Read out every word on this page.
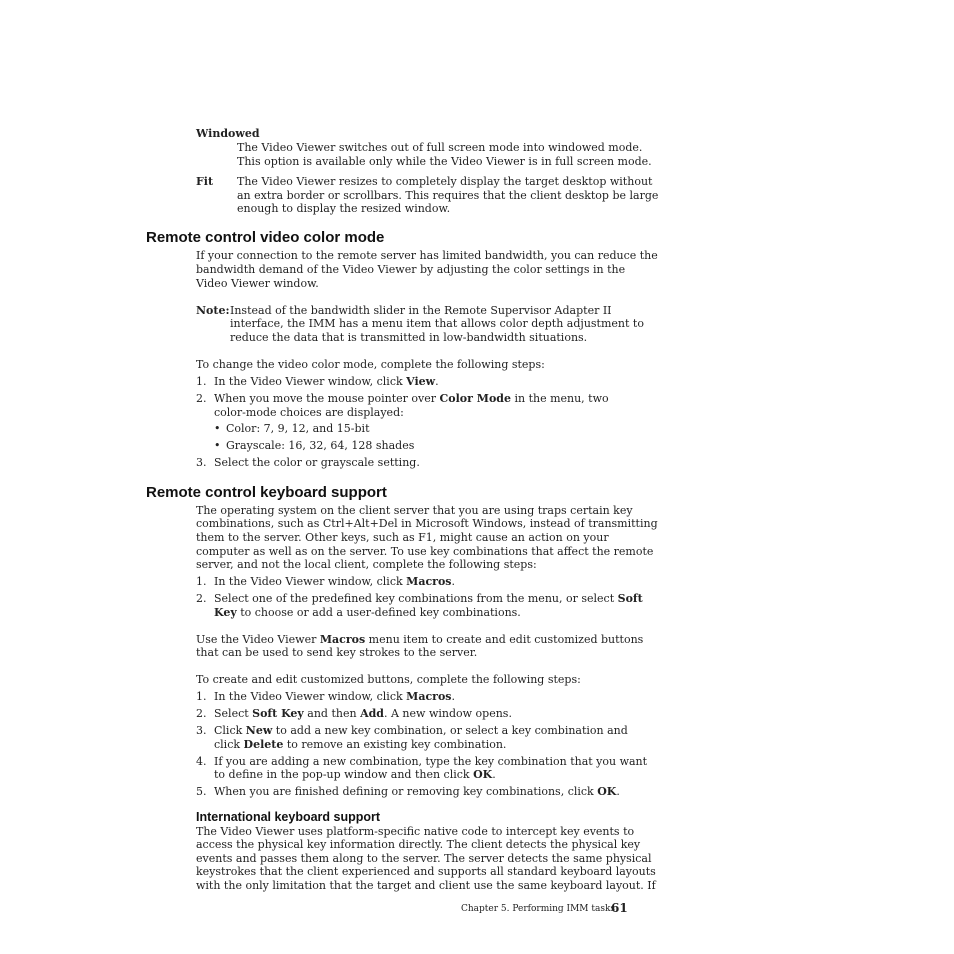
Windowed
The Video Viewer switches out of full screen mode into windowed mode.
This option is available only while the Video Viewer is in full screen mode.
Fit The Video Viewer resizes to completely display the target desktop without
an extra border or scrollbars. This requires that the client desktop be large
enough to display the resized window.
Remote control video color mode
If your connection to the remote server has limited bandwidth, you can reduce the
bandwidth demand of the Video Viewer by adjusting the color settings in the
Video Viewer window.
Note: Instead of the bandwidth slider in the Remote Supervisor Adapter II
interface, the IMM has a menu item that allows color depth adjustment to
reduce the data that is transmitted in low-bandwidth situations.
To change the video color mode, complete the following steps:
1. In the Video Viewer window, click View.
2. When you move the mouse pointer over Color Mode in the menu, two
color-mode choices are displayed:
• Color: 7, 9, 12, and 15-bit
• Grayscale: 16, 32, 64, 128 shades
3. Select the color or grayscale setting.
Remote control keyboard support
The operating system on the client server that you are using traps certain key
combinations, such as Ctrl+Alt+Del in Microsoft Windows, instead of transmitting
them to the server. Other keys, such as F1, might cause an action on your
computer as well as on the server. To use key combinations that affect the remote
server, and not the local client, complete the following steps:
1. In the Video Viewer window, click Macros.
2. Select one of the predefined key combinations from the menu, or select Soft
Key to choose or add a user-defined key combinations.
Use the Video Viewer Macros menu item to create and edit customized buttons
that can be used to send key strokes to the server.
To create and edit customized buttons, complete the following steps:
1. In the Video Viewer window, click Macros.
2. Select Soft Key and then Add. A new window opens.
3. Click New to add a new key combination, or select a key combination and
click Delete to remove an existing key combination.
4. If you are adding a new combination, type the key combination that you want
to define in the pop-up window and then click OK.
5. When you are finished defining or removing key combinations, click OK.
International keyboard support
The Video Viewer uses platform-specific native code to intercept key events to
access the physical key information directly. The client detects the physical key
events and passes them along to the server. The server detects the same physical
keystrokes that the client experienced and supports all standard keyboard layouts
with the only limitation that the target and client use the same keyboard layout. If
Chapter 5. Performing IMM tasks
61
